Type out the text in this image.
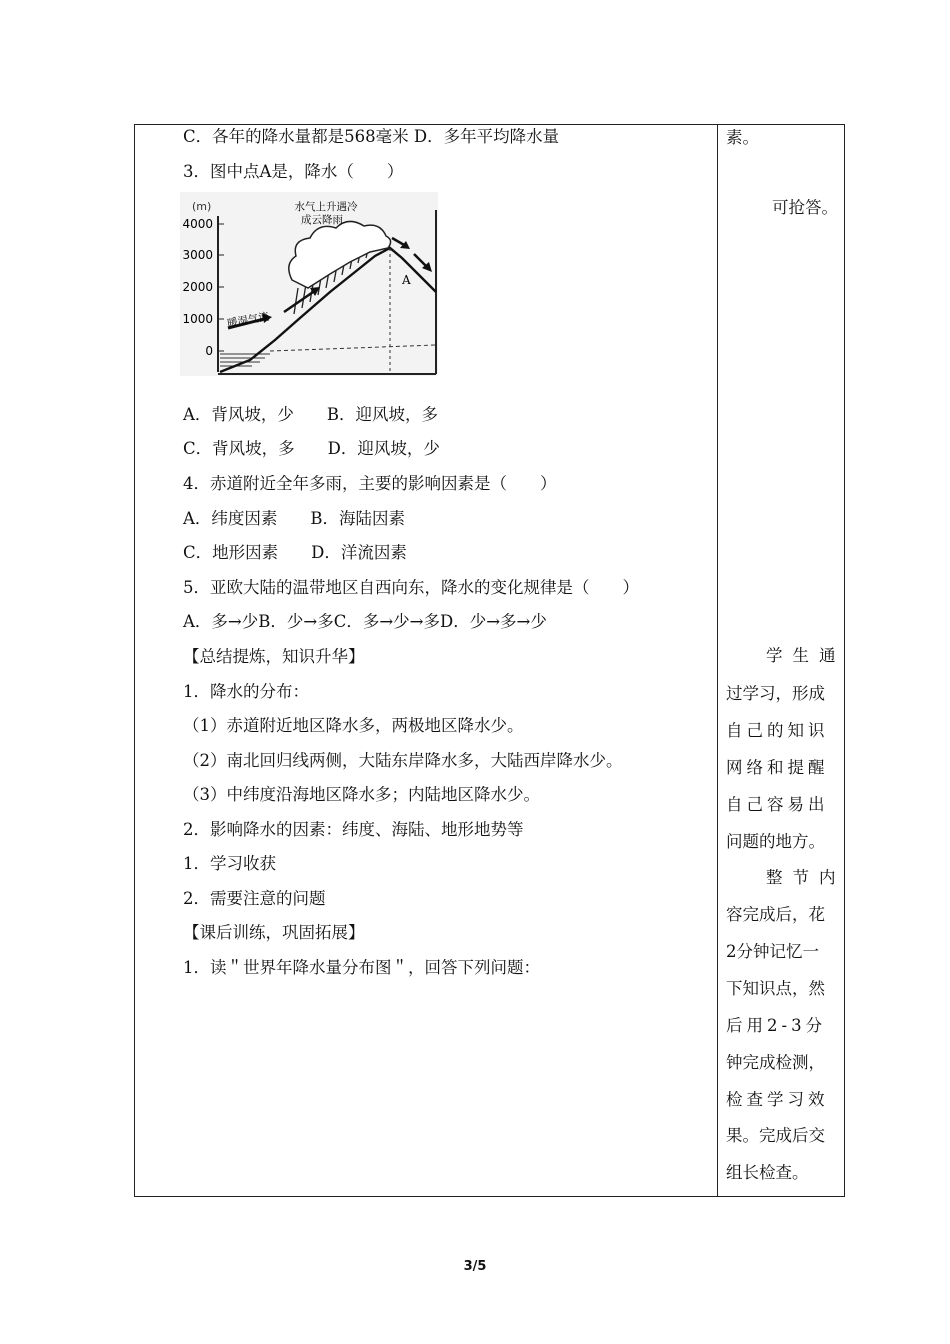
C．各年的降水量都是568毫米 D．多年平均降水量
3．图中点A是，降水（　　）
(m)
4000
3000
2000
1000
0
水气上升遇冷
成云降雨
暖湿气流
A
A．背风坡，少　　B．迎风坡，多
C．背风坡，多　　D．迎风坡，少
4．赤道附近全年多雨，主要的影响因素是（　　）
A．纬度因素　　B．海陆因素
C．地形因素　　D．洋流因素
5．亚欧大陆的温带地区自西向东，降水的变化规律是（　　）
A．多→少B．少→多C．多→少→多D．少→多→少
【总结提炼，知识升华】
1．降水的分布：
（1）赤道附近地区降水多，两极地区降水少。
（2）南北回归线两侧，大陆东岸降水多，大陆西岸降水少。
（3）中纬度沿海地区降水多；内陆地区降水少。
2．影响降水的因素：纬度、海陆、地形地势等
1．学习收获
2．需要注意的问题
【课后训练，巩固拓展】
1．读＂世界年降水量分布图＂，回答下列问题：
素。
可抢答。
学生通
过学习，形成
自己的知识
网络和提醒
自己容易出
问题的地方。
整节内
容完成后，花
2分钟记忆一
下知识点，然
后用2-3分
钟完成检测，
检查学习效
果。完成后交
组长检查。
3/5
